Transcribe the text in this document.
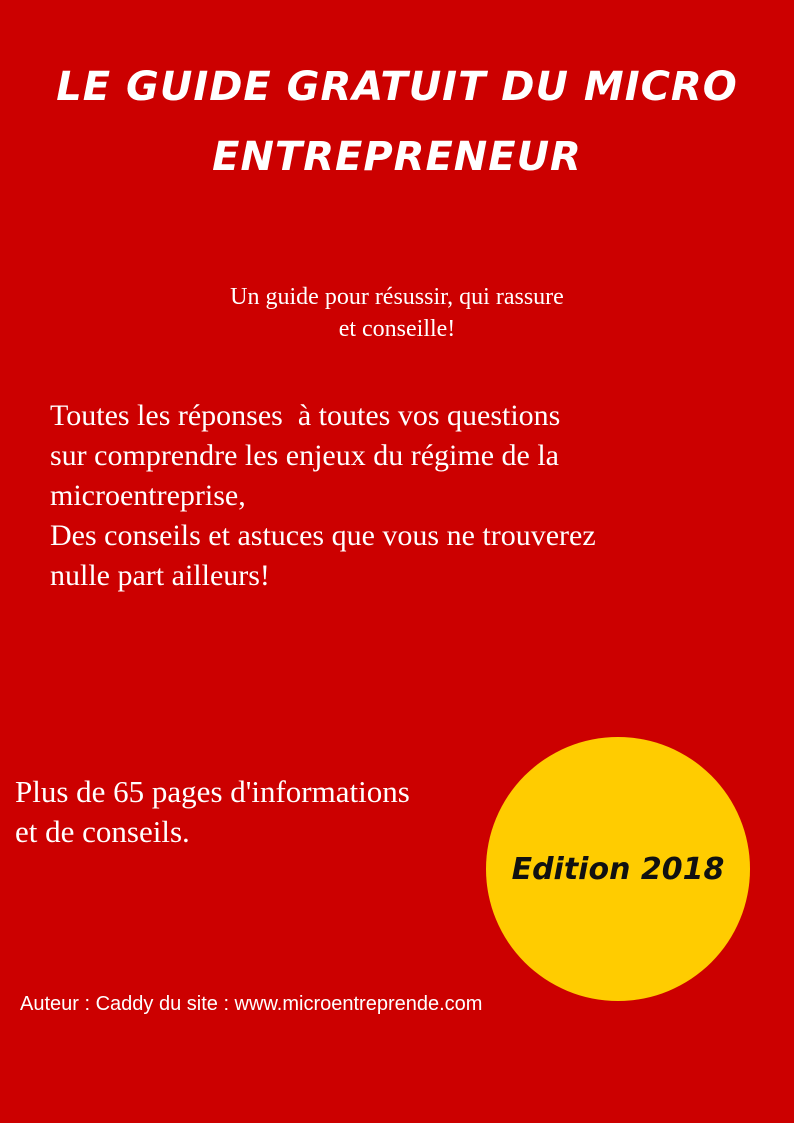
LE GUIDE GRATUIT DU MICRO
ENTREPRENEUR

Un guide pour résussir, qui rassure
et conseille!

Toutes les réponses  à toutes vos questions
sur comprendre les enjeux du régime de la
microentreprise,
Des conseils et astuces que vous ne trouverez
nulle part ailleurs!

Plus de 65 pages d'informations
et de conseils.

Edition 2018

Auteur : Caddy du site : www.microentreprende.com
